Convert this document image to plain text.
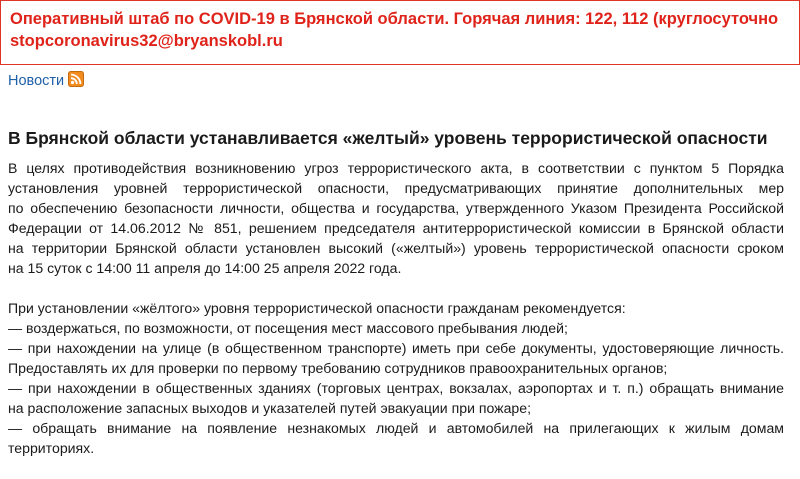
Оперативный штаб по COVID-19 в Брянской области. Горячая линия: 122, 112 (круглосуточно
stopcoronavirus32@bryanskobl.ru
Новости
В Брянской области устанавливается «желтый» уровень террористической опасности
В целях противодействия возникновению угроз террористического акта, в соответствии с пунктом 5 Порядка
установления уровней террористической опасности, предусматривающих принятие дополнительных мер
по обеспечению безопасности личности, общества и государства, утвержденного Указом Президента Российской
Федерации от 14.06.2012 № 851, решением председателя антитеррористической комиссии в Брянской области
на территории Брянской области установлен высокий («желтый») уровень террористической опасности сроком
на 15 суток с 14:00 11 апреля до 14:00 25 апреля 2022 года.
При установлении «жёлтого» уровня террористической опасности гражданам рекомендуется:
— воздержаться, по возможности, от посещения мест массового пребывания людей;
— при нахождении на улице (в общественном транспорте) иметь при себе документы, удостоверяющие личность.
Предоставлять их для проверки по первому требованию сотрудников правоохранительных органов;
— при нахождении в общественных зданиях (торговых центрах, вокзалах, аэропортах и т. п.) обращать внимание
на расположение запасных выходов и указателей путей эвакуации при пожаре;
— обращать внимание на появление незнакомых людей и автомобилей на прилегающих к жилым домам
территориях.
